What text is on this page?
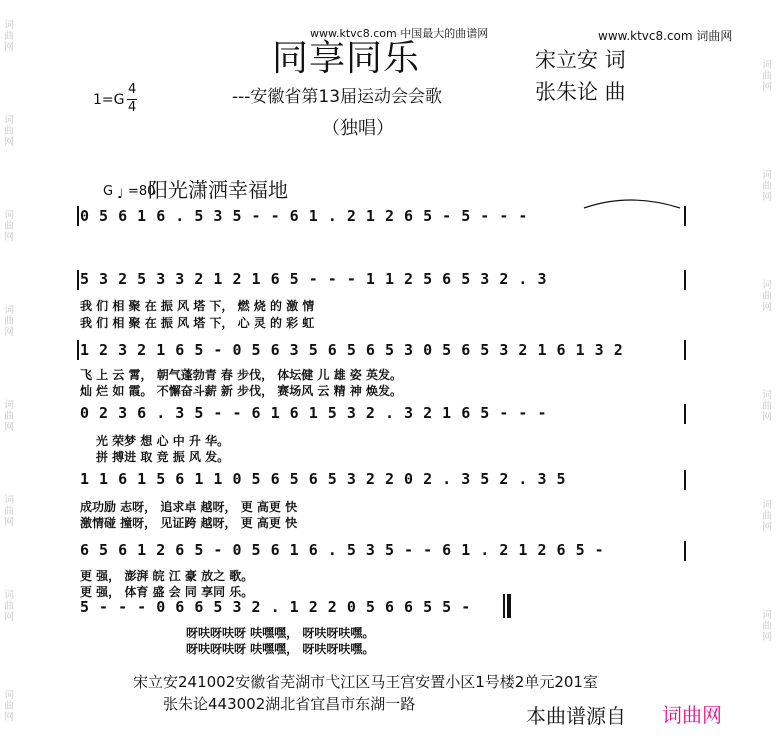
www.ktvc8.com 中国最大的曲谱网	www.ktvc8.com 词曲网
词
曲
网
词
曲
网
词
曲
网
词
曲
网
词
曲
网
词
曲
网
词
曲
网
词
曲
网
词
曲
网
词
曲
网
词
曲
网
词
曲
网
词
曲
网
词
曲
网
同享同乐	宋立安 词
张朱论 曲
---安徽省第13届运动会会歌
（独唱）
1=G
4
4
G ♩ =80
阳光潇洒幸福地
0 5 6 1 6 . 5 3 5 - - 6 1 . 2 1 2 6 5 - 5 - - -
5 3 2 5 3 3 2 1 2 1 6 5 - - - 1 1 2 5 6 5 3 2 . 3
我 们 相 聚 在 振 风 塔 下， 燃 烧 的 激 情
我 们 相 聚 在 振 风 塔 下， 心 灵 的 彩 虹
1 2 3 2 1 6 5 - 0 5 6 3 5 6 5 6 5 3 0 5 6 5 3 2 1 6 1 3 2
飞 上 云 霄， 朝气蓬勃青 春 步伐， 体坛健 儿 雄 姿 英发。
灿 烂 如 霞。 不懈奋斗薪 新 步伐， 赛场风 云 精 神 焕发。
0 2 3 6 . 3 5 - - 6 1 6 1 5 3 2 . 3 2 1 6 5 - - -
光 荣梦 想 心 中 升 华。
拼 搏进 取 竞 振 风 发。
1 1 6 1 5 6 1 1 0 5 6 5 6 5 3 2 2 0 2 . 3 5 2 . 3 5
成功励 志呀， 追求卓 越呀， 更 高更 快
激情碰 撞呀， 见证跨 越呀， 更 高更 快
6 5 6 1 2 6 5 - 0 5 6 1 6 . 5 3 5 - - 6 1 . 2 1 2 6 5 -
更 强， 澎湃 皖 江 豪 放之 歌。
更 强， 体育 盛 会 同 享同 乐。
5 - - - 0 6 6 5 3 2 . 1 2 2 0 5 6 6 5 5 -
呀呋呀呋呀 呋嘿嘿， 呀呋呀呋嘿。
呀呋呀呋呀 呋嘿嘿， 呀呋呀呋嘿。
宋立安241002安徽省芜湖市弋江区马王宫安置小区1号楼2单元201室
张朱论443002湖北省宜昌市东湖一路	本曲谱源自 词曲网
